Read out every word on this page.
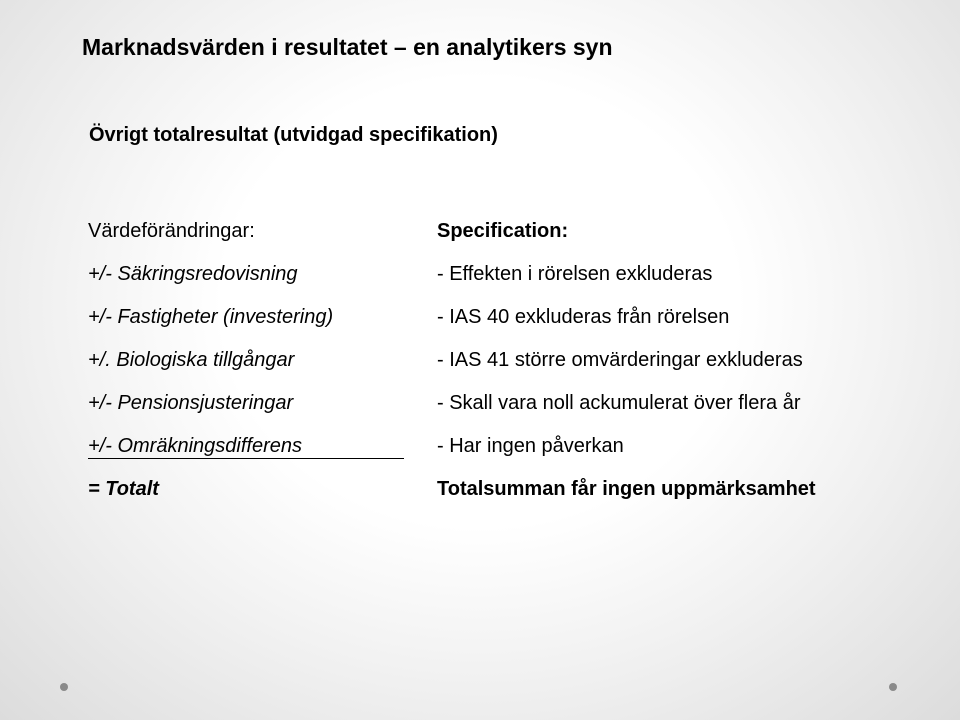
Marknadsvärden i resultatet – en analytikers syn
Övrigt totalresultat (utvidgad specifikation)
Värdeförändringar:
+/- Säkringsredovisning
+/- Fastigheter (investering)
+/. Biologiska tillgångar
+/- Pensionsjusteringar
+/- Omräkningsdifferens
= Totalt
Specification:
- Effekten i rörelsen exkluderas
- IAS 40 exkluderas från rörelsen
- IAS 41 större omvärderingar exkluderas
- Skall vara noll ackumulerat över flera år
- Har ingen påverkan
Totalsumman får ingen uppmärksamhet
